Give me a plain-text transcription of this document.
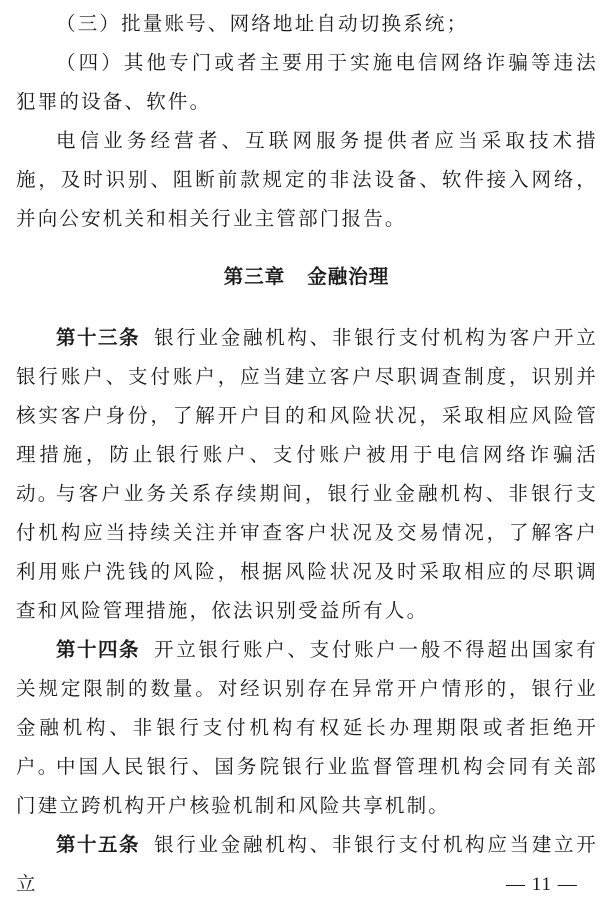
（三）批量账号、网络地址自动切换系统；

（四）其他专门或者主要用于实施电信网络诈骗等违法犯罪的设备、软件。

电信业务经营者、互联网服务提供者应当采取技术措施，及时识别、阻断前款规定的非法设备、软件接入网络，并向公安机关和相关行业主管部门报告。

第三章 金融治理

第十三条 银行业金融机构、非银行支付机构为客户开立银行账户、支付账户，应当建立客户尽职调查制度，识别并核实客户身份，了解开户目的和风险状况，采取相应风险管理措施，防止银行账户、支付账户被用于电信网络诈骗活动。

与客户业务关系存续期间，银行业金融机构、非银行支付机构应当持续关注并审查客户状况及交易情况，了解客户利用账户洗钱的风险，根据风险状况及时采取相应的尽职调查和风险管理措施，依法识别受益所有人。

第十四条 开立银行账户、支付账户一般不得超出国家有关规定限制的数量。对经识别存在异常开户情形的，银行业金融机构、非银行支付机构有权延长办理期限或者拒绝开户。

中国人民银行、国务院银行业监督管理机构会同有关部门建立跨机构开户核验机制和风险共享机制。

第十五条 银行业金融机构、非银行支付机构应当建立开立	— 11 —
